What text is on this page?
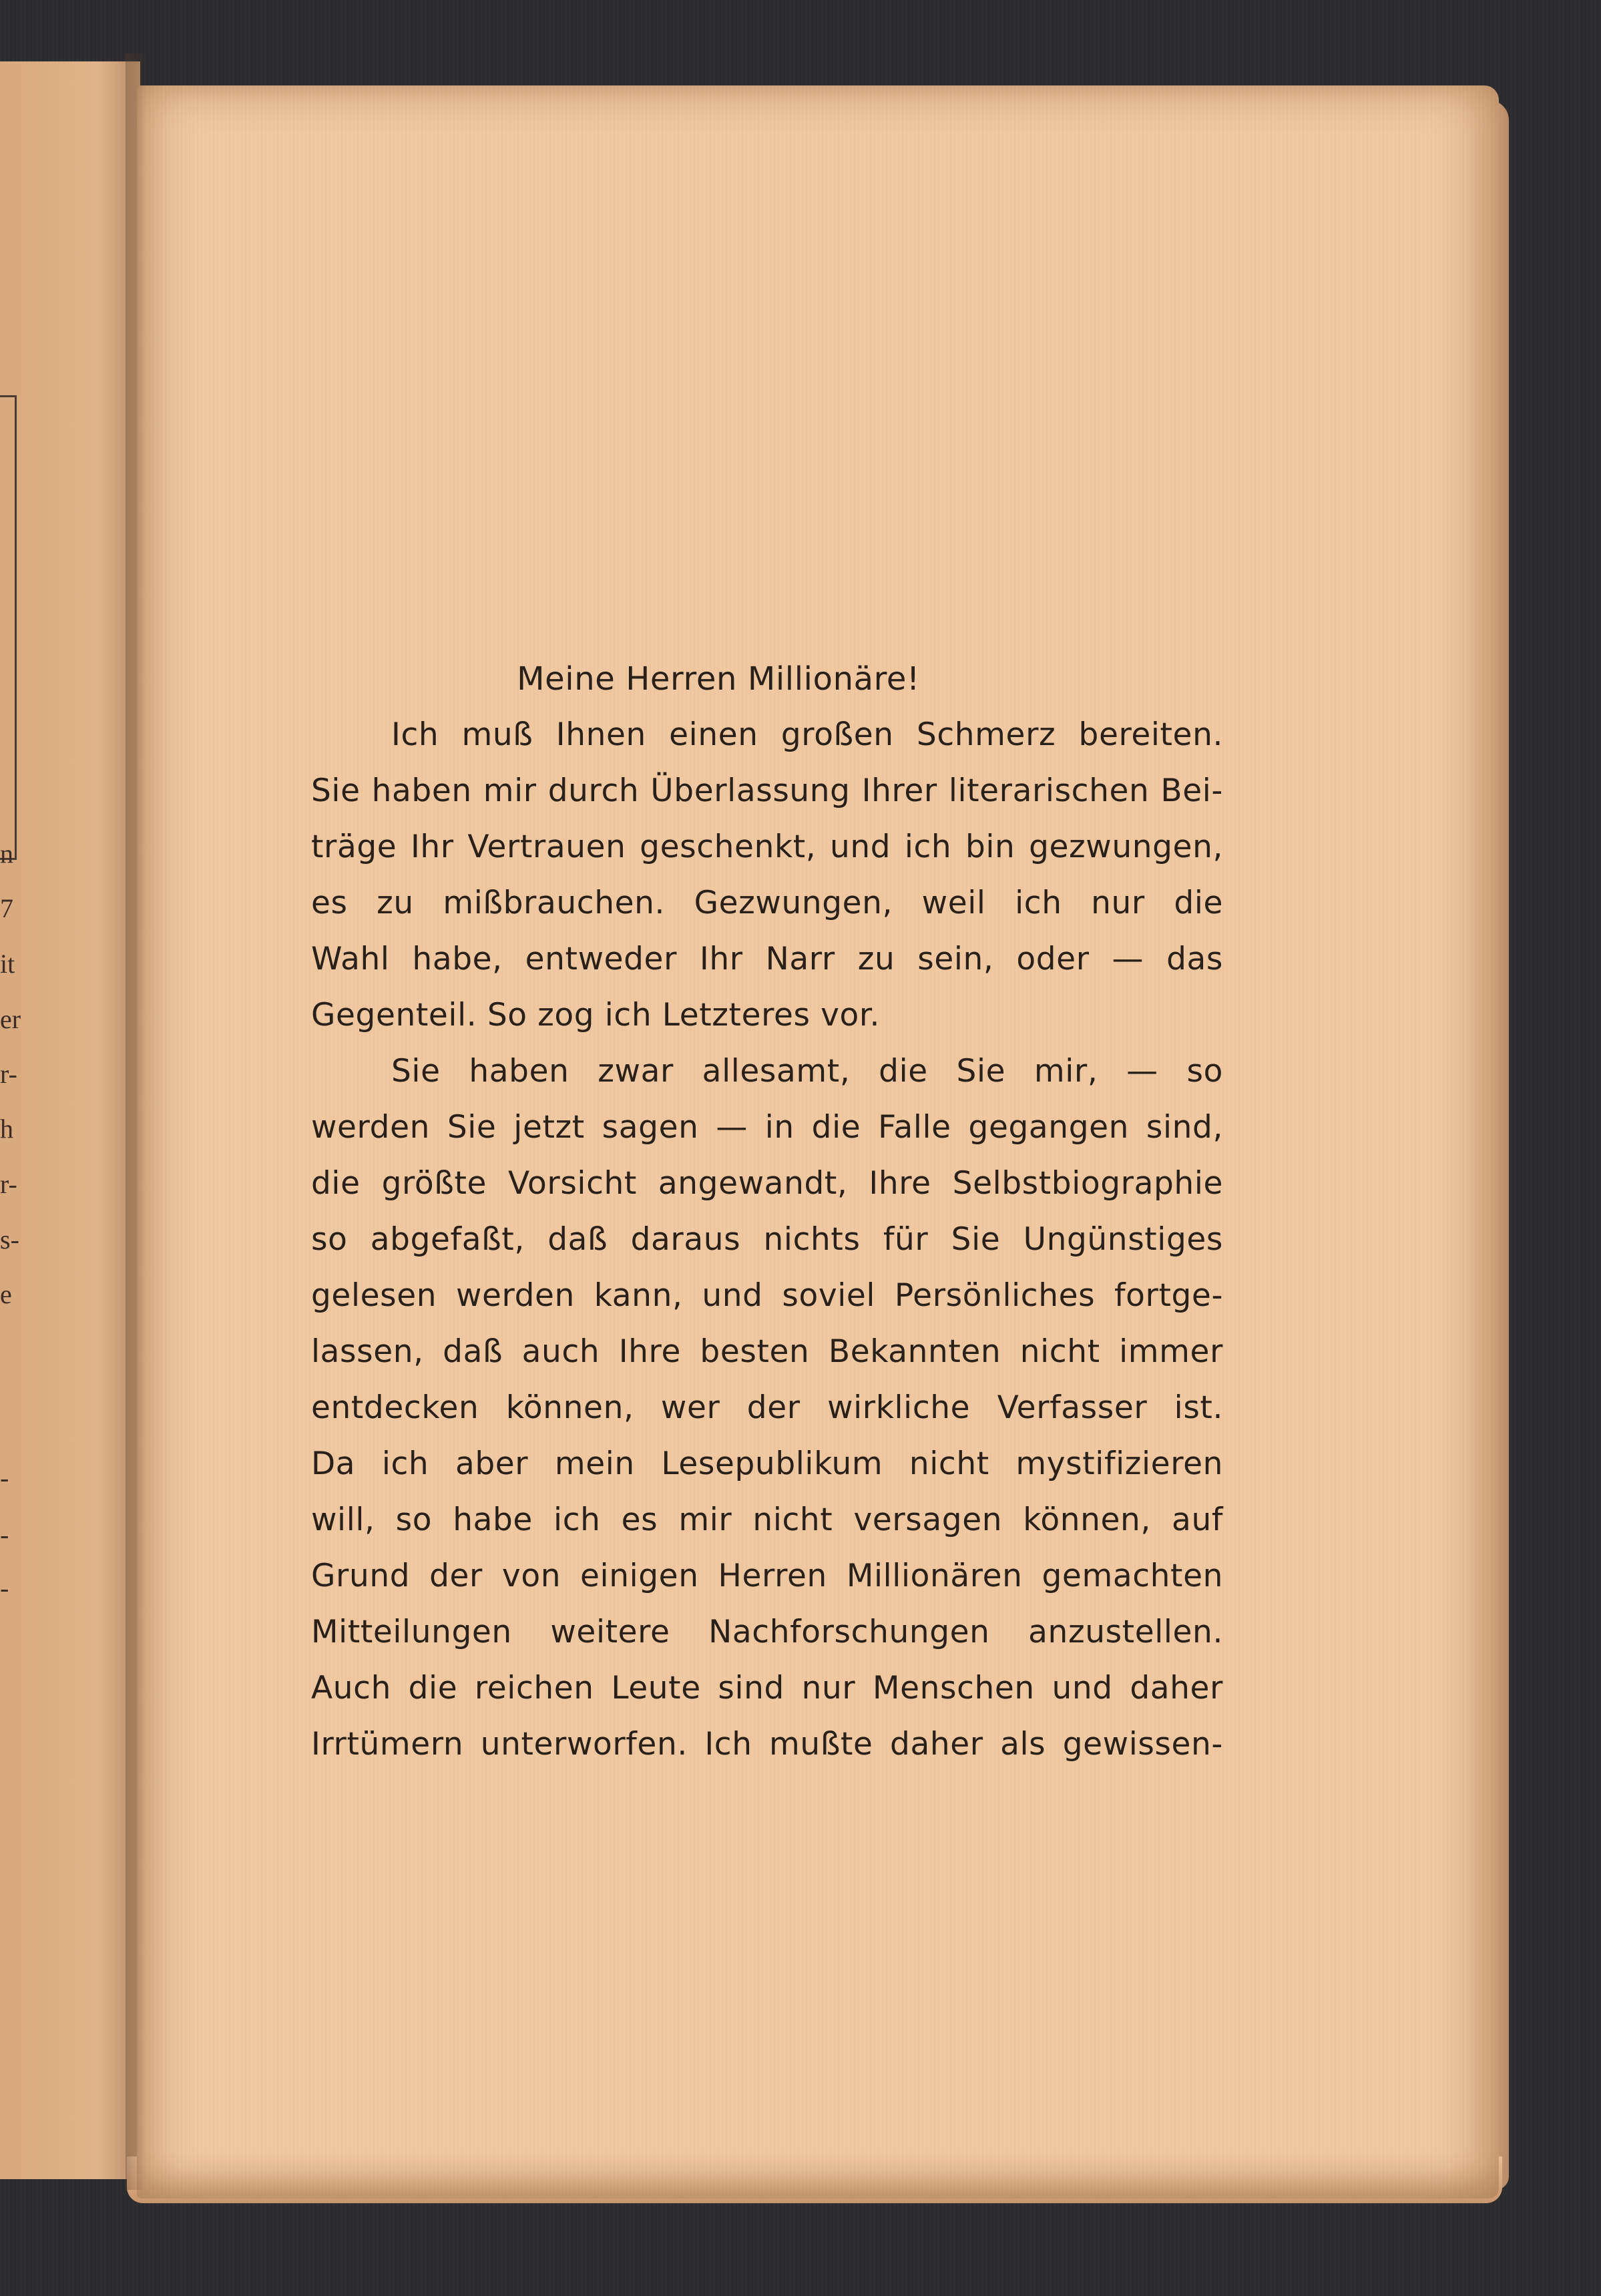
n
7
it
er
r-
h
r-
s-
e
-
-
-
Meine Herren Millionäre!
Ich muß Ihnen einen großen Schmerz bereiten.
Sie haben mir durch Überlassung Ihrer literarischen Bei-
träge Ihr Vertrauen geschenkt, und ich bin gezwungen,
es zu mißbrauchen. Gezwungen, weil ich nur die
Wahl habe, entweder Ihr Narr zu sein, oder — das
Gegenteil. So zog ich Letzteres vor.
Sie haben zwar allesamt, die Sie mir, — so
werden Sie jetzt sagen — in die Falle gegangen sind,
die größte Vorsicht angewandt, Ihre Selbstbiographie
so abgefaßt, daß daraus nichts für Sie Ungünstiges
gelesen werden kann, und soviel Persönliches fortge-
lassen, daß auch Ihre besten Bekannten nicht immer
entdecken können, wer der wirkliche Verfasser ist.
Da ich aber mein Lesepublikum nicht mystifizieren
will, so habe ich es mir nicht versagen können, auf
Grund der von einigen Herren Millionären gemachten
Mitteilungen weitere Nachforschungen anzustellen.
Auch die reichen Leute sind nur Menschen und daher
Irrtümern unterworfen. Ich mußte daher als gewissen-
